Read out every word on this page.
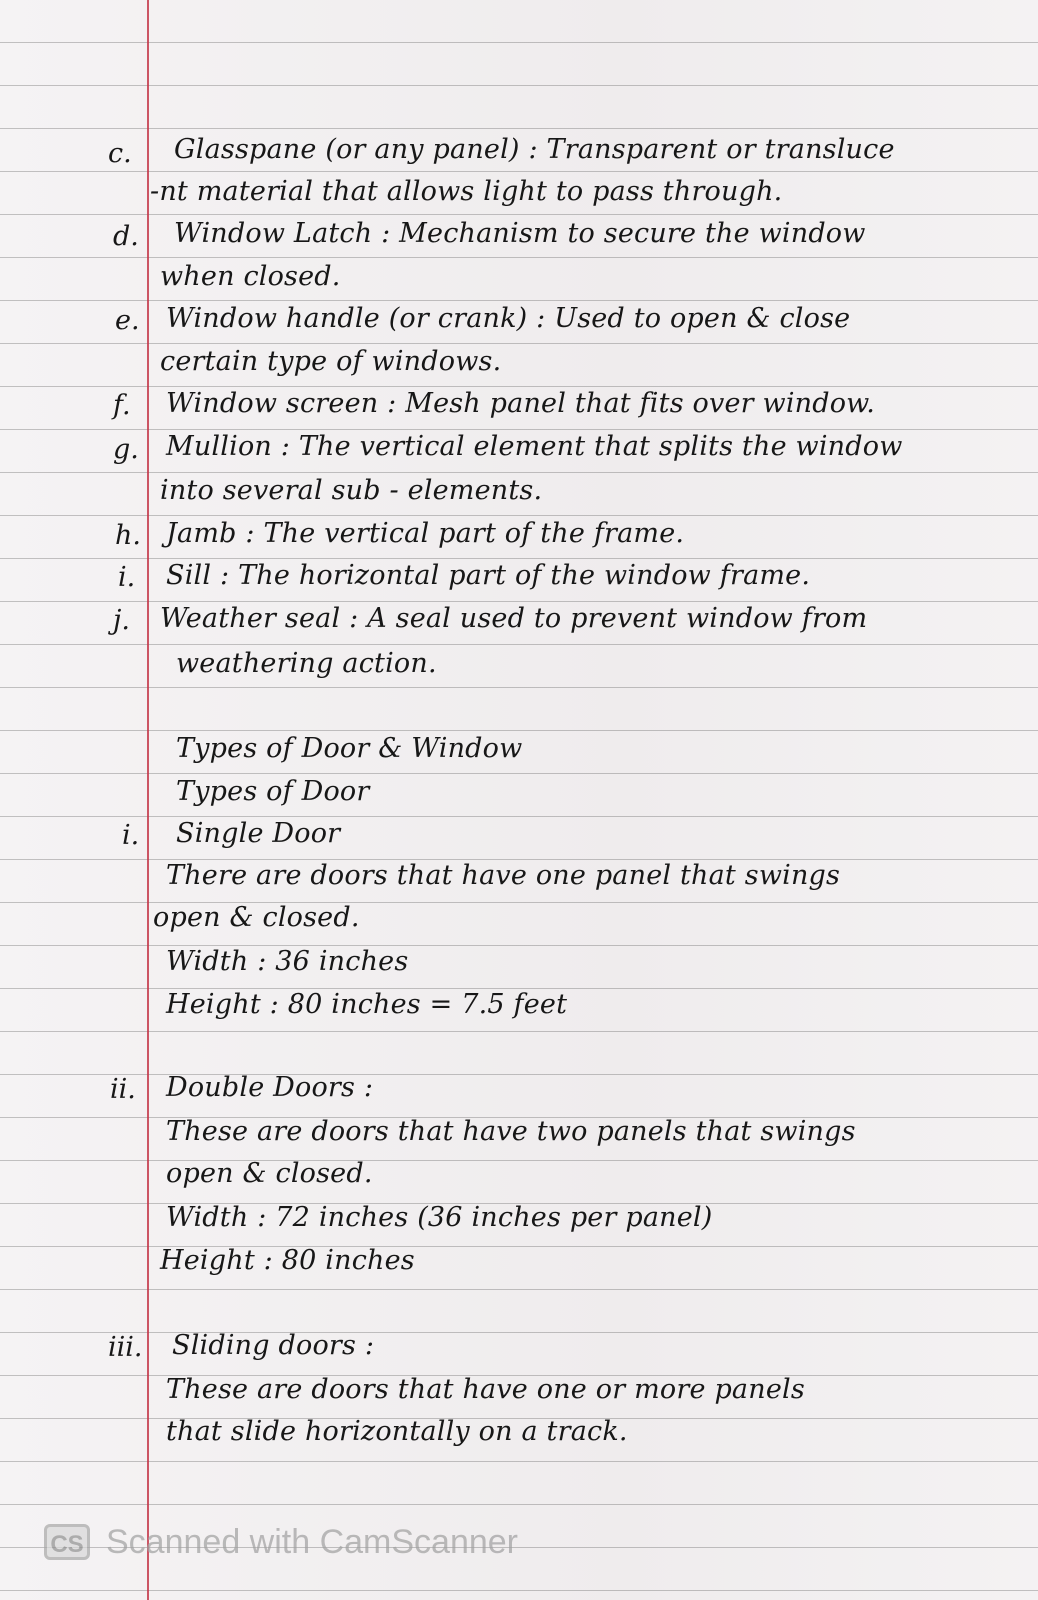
c. Glasspane (or any panel) : Transparent or transluce
-nt material that allows light to pass through.
d. Window Latch : Mechanism to secure the window
when closed.
e. Window handle (or crank) : Used to open & close
certain type of windows.
f. Window screen : Mesh panel that fits over window.
g. Mullion : The vertical element that splits the window
into several sub - elements.
h. Jamb : The vertical part of the frame.
i. Sill : The horizontal part of the window frame.
j. Weather seal : A seal used to prevent window from
weathering action.
Types of Door & Window
Types of Door
i. Single Door
There are doors that have one panel that swings
open & closed.
Width : 36 inches
Height : 80 inches = 7.5 feet
ii. Double Doors :
These are doors that have two panels that swings
open & closed.
Width : 72 inches (36 inches per panel)
Height : 80 inches
iii. Sliding doors :
These are doors that have one or more panels
that slide horizontally on a track.
CS Scanned with CamScanner
